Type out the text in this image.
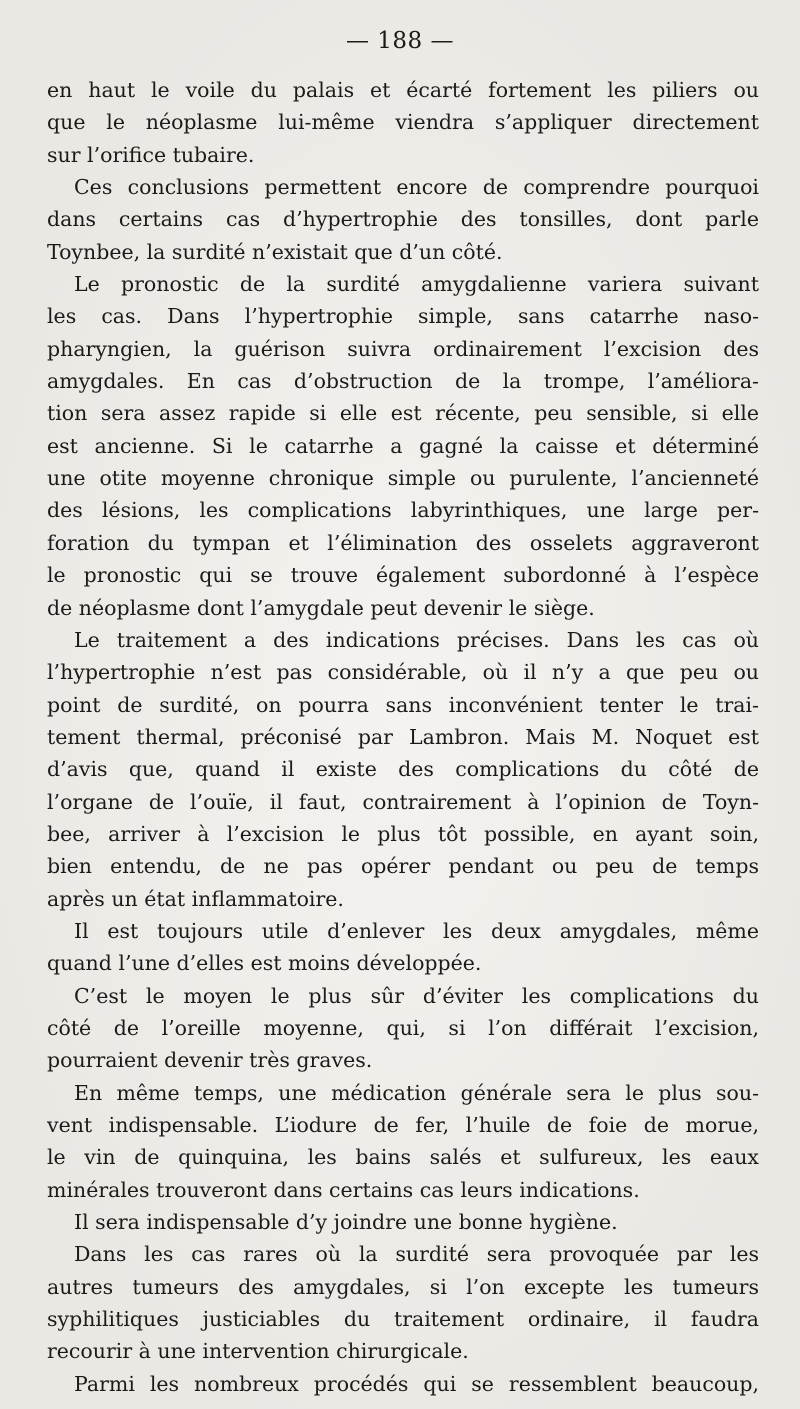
— 188 —
en haut le voile du palais et écarté fortement les piliers ou
que le néoplasme lui-même viendra s’appliquer directement
sur l’orifice tubaire.
Ces conclusions permettent encore de comprendre pourquoi
dans certains cas d’hypertrophie des tonsilles, dont parle
Toynbee, la surdité n’existait que d’un côté.
Le pronostic de la surdité amygdalienne variera suivant
les cas. Dans l’hypertrophie simple, sans catarrhe naso-
pharyngien, la guérison suivra ordinairement l’excision des
amygdales. En cas d’obstruction de la trompe, l’améliora-
tion sera assez rapide si elle est récente, peu sensible, si elle
est ancienne. Si le catarrhe a gagné la caisse et déterminé
une otite moyenne chronique simple ou purulente, l’ancienneté
des lésions, les complications labyrinthiques, une large per-
foration du tympan et l’élimination des osselets aggraveront
le pronostic qui se trouve également subordonné à l’espèce
de néoplasme dont l’amygdale peut devenir le siège.
Le traitement a des indications précises. Dans les cas où
l’hypertrophie n’est pas considérable, où il n’y a que peu ou
point de surdité, on pourra sans inconvénient tenter le trai-
tement thermal, préconisé par Lambron. Mais M. Noquet est
d’avis que, quand il existe des complications du côté de
l’organe de l’ouïe, il faut, contrairement à l’opinion de Toyn-
bee, arriver à l’excision le plus tôt possible, en ayant soin,
bien entendu, de ne pas opérer pendant ou peu de temps
après un état inflammatoire.
Il est toujours utile d’enlever les deux amygdales, même
quand l’une d’elles est moins développée.
C’est le moyen le plus sûr d’éviter les complications du
côté de l’oreille moyenne, qui, si l’on différait l’excision,
pourraient devenir très graves.
En même temps, une médication générale sera le plus sou-
vent indispensable. L’iodure de fer, l’huile de foie de morue,
le vin de quinquina, les bains salés et sulfureux, les eaux
minérales trouveront dans certains cas leurs indications.
Il sera indispensable d’y joindre une bonne hygiène.
Dans les cas rares où la surdité sera provoquée par les
autres tumeurs des amygdales, si l’on excepte les tumeurs
syphilitiques justiciables du traitement ordinaire, il faudra
recourir à une intervention chirurgicale.
Parmi les nombreux procédés qui se ressemblent beaucoup,
